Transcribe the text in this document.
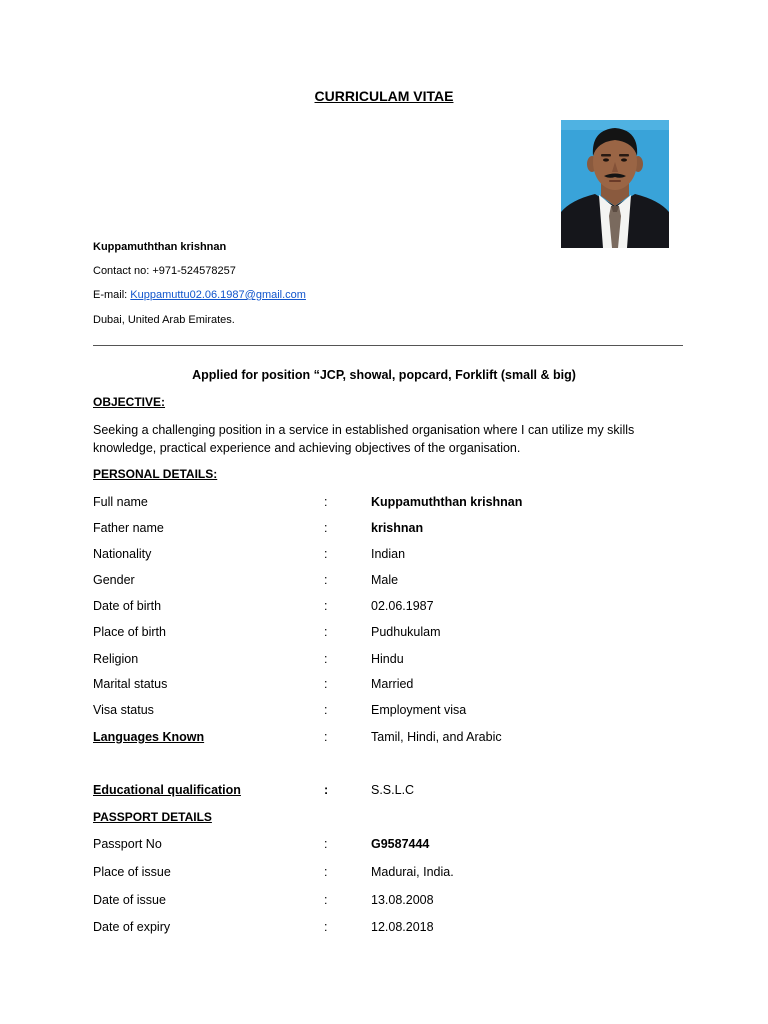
CURRICULAM VITAE
Kuppamuththan krishnan
Contact no: +971-524578257
E-mail: Kuppamuttu02.06.1987@gmail.com
Dubai, United Arab Emirates.
Applied for position “JCP, showal, popcard, Forklift (small & big)
OBJECTIVE:
Seeking a challenging position in a service in established organisation where I can utilize my skills knowledge, practical experience and achieving objectives of the organisation.
PERSONAL DETAILS:
Full name	:	Kuppamuththan krishnan
Father name	:	krishnan
Nationality	:	Indian
Gender	:	Male
Date of birth	:	02.06.1987
Place of birth	:	Pudhukulam
Religion	:	Hindu
Marital status	:	Married
Visa status	:	Employment visa
Languages Known	:	Tamil, Hindi, and Arabic
Educational qualification	:	S.S.L.C
PASSPORT DETAILS
Passport No	:	G9587444
Place of issue	:	Madurai, India.
Date of issue	:	13.08.2008
Date of expiry	:	12.08.2018
